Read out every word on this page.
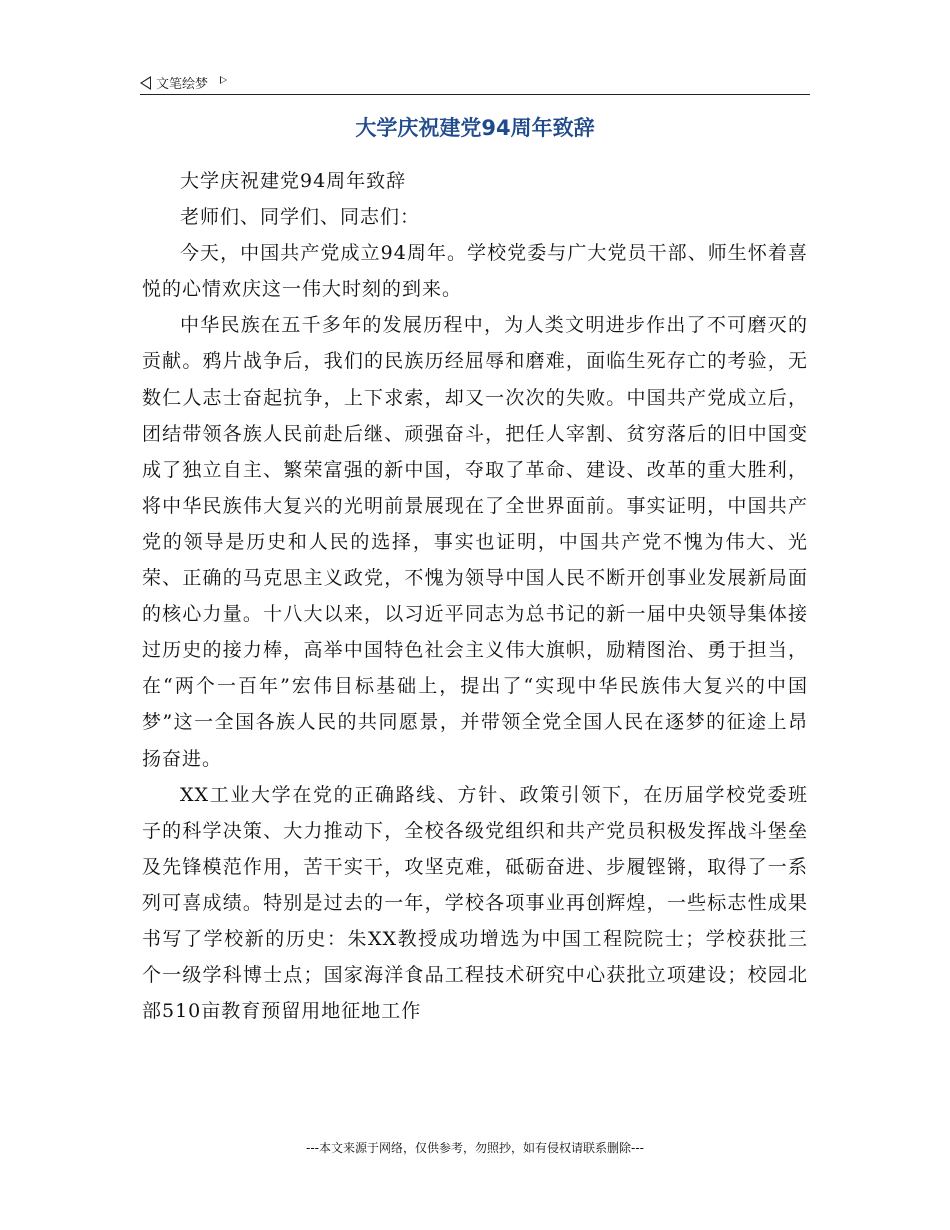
文笔绘梦
大学庆祝建党94周年致辞

大学庆祝建党94周年致辞

老师们、同学们、同志们：

今天，中国共产党成立94周年。学校党委与广大党员干部、师生怀着喜悦的心情欢庆这一伟大时刻的到来。

中华民族在五千多年的发展历程中，为人类文明进步作出了不可磨灭的贡献。鸦片战争后，我们的民族历经屈辱和磨难，面临生死存亡的考验，无数仁人志士奋起抗争，上下求索，却又一次次的失败。中国共产党成立后，团结带领各族人民前赴后继、顽强奋斗，把任人宰割、贫穷落后的旧中国变成了独立自主、繁荣富强的新中国，夺取了革命、建设、改革的重大胜利，将中华民族伟大复兴的光明前景展现在了全世界面前。事实证明，中国共产党的领导是历史和人民的选择，事实也证明，中国共产党不愧为伟大、光荣、正确的马克思主义政党，不愧为领导中国人民不断开创事业发展新局面的核心力量。十八大以来，以习近平同志为总书记的新一届中央领导集体接过历史的接力棒，高举中国特色社会主义伟大旗帜，励精图治、勇于担当，在“两个一百年”宏伟目标基础上，提出了“实现中华民族伟大复兴的中国梦”这一全国各族人民的共同愿景，并带领全党全国人民在逐梦的征途上昂扬奋进。

XX工业大学在党的正确路线、方针、政策引领下，在历届学校党委班子的科学决策、大力推动下，全校各级党组织和共产党员积极发挥战斗堡垒及先锋模范作用，苦干实干，攻坚克难，砥砺奋进、步履铿锵，取得了一系列可喜成绩。特别是过去的一年，学校各项事业再创辉煌，一些标志性成果书写了学校新的历史：朱XX教授成功增选为中国工程院院士；学校获批三个一级学科博士点；国家海洋食品工程技术研究中心获批立项建设；校园北部510亩教育预留用地征地工作

---本文来源于网络，仅供参考，勿照抄，如有侵权请联系删除---
